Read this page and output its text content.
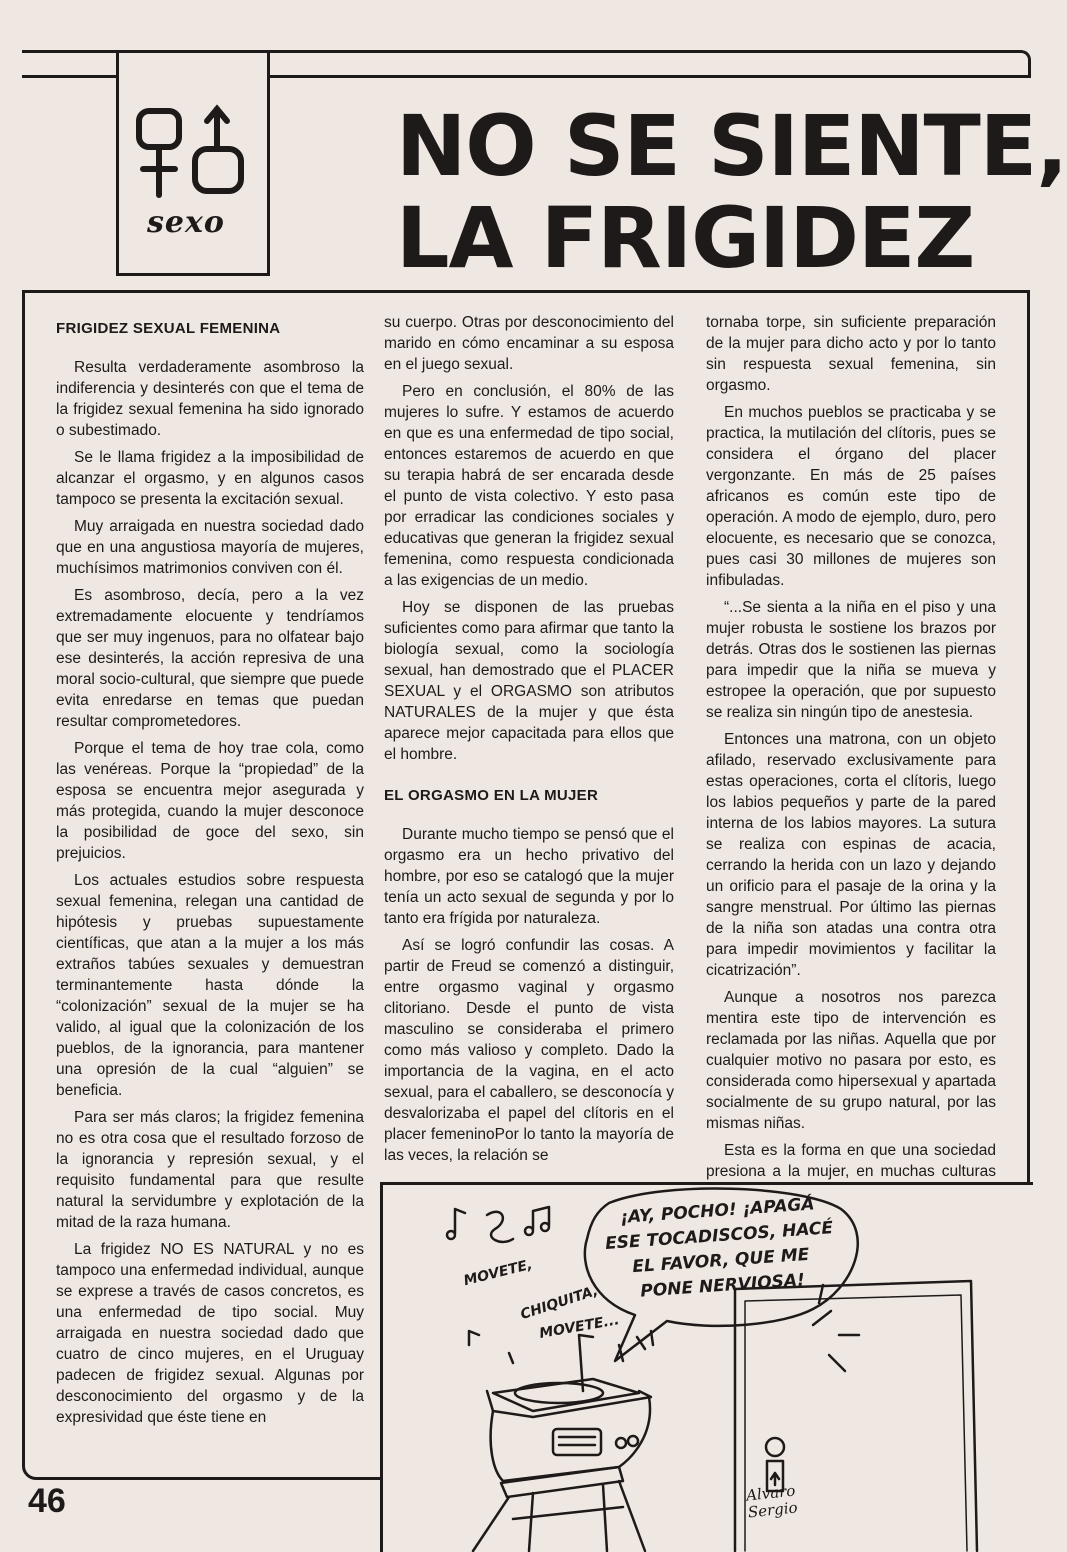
sexo
NO SE SIENTE,
LA FRIGIDEZ
FRIGIDEZ SEXUAL FEMENINA

Resulta verdaderamente asombroso la indiferencia y desinterés con que el tema de la frigidez sexual femenina ha sido ignorado o subestimado.

Se le llama frigidez a la imposibilidad de alcanzar el orgasmo, y en algunos casos tampoco se presenta la excitación sexual.

Muy arraigada en nuestra sociedad dado que en una angustiosa mayoría de mujeres, muchísimos matrimonios conviven con él.

Es asombroso, decía, pero a la vez extremadamente elocuente y tendríamos que ser muy ingenuos, para no olfatear bajo ese desinterés, la acción represiva de una moral socio-cultural, que siempre que puede evita enredarse en temas que puedan resultar comprometedores.

Porque el tema de hoy trae cola, como las venéreas. Porque la “propiedad” de la esposa se encuentra mejor asegurada y más protegida, cuando la mujer desconoce la posibilidad de goce del sexo, sin prejuicios.

Los actuales estudios sobre respuesta sexual femenina, relegan una cantidad de hipótesis y pruebas supuestamente científicas, que atan a la mujer a los más extraños tabúes sexuales y demuestran terminantemente hasta dónde la “colonización” sexual de la mujer se ha valido, al igual que la colonización de los pueblos, de la ignorancia, para mantener una opresión de la cual “alguien” se beneficia.

Para ser más claros; la frigidez femenina no es otra cosa que el resultado forzoso de la ignorancia y represión sexual, y el requisito fundamental para que resulte natural la servidumbre y explotación de la mitad de la raza humana.

La frigidez NO ES NATURAL y no es tampoco una enfermedad individual, aunque se exprese a través de casos concretos, es una enfermedad de tipo social. Muy arraigada en nuestra sociedad dado que cuatro de cinco mujeres, en el Uruguay padecen de frigidez sexual. Algunas por desconocimiento del orgasmo y de la expresividad que éste tiene en

su cuerpo. Otras por desconocimiento del marido en cómo encaminar a su esposa en el juego sexual.

Pero en conclusión, el 80% de las mujeres lo sufre. Y estamos de acuerdo en que es una enfermedad de tipo social, entonces estaremos de acuerdo en que su terapia habrá de ser encarada desde el punto de vista colectivo. Y esto pasa por erradicar las condiciones sociales y educativas que generan la frigidez sexual femenina, como respuesta condicionada a las exigencias de un medio.

Hoy se disponen de las pruebas suficientes como para afirmar que tanto la biología sexual, como la sociología sexual, han demostrado que el PLACER SEXUAL y el ORGASMO son atributos NATURALES de la mujer y que ésta aparece mejor capacitada para ellos que el hombre.

EL ORGASMO EN LA MUJER

Durante mucho tiempo se pensó que el orgasmo era un hecho privativo del hombre, por eso se catalogó que la mujer tenía un acto sexual de segunda y por lo tanto era frígida por naturaleza.

Así se logró confundir las cosas. A partir de Freud se comenzó a distinguir, entre orgasmo vaginal y orgasmo clitoriano. Desde el punto de vista masculino se consideraba el primero como más valioso y completo. Dado la importancia de la vagina, en el acto sexual, para el caballero, se desconocía y desvalorizaba el papel del clítoris en el placer femeninoPor lo tanto la mayoría de las veces, la relación se

tornaba torpe, sin suficiente preparación de la mujer para dicho acto y por lo tanto sin respuesta sexual femenina, sin orgasmo.

En muchos pueblos se practicaba y se practica, la mutilación del clítoris, pues se considera el órgano del placer vergonzante. En más de 25 países africanos es común este tipo de operación. A modo de ejemplo, duro, pero elocuente, es necesario que se conozca, pues casi 30 millones de mujeres son infibuladas.

“...Se sienta a la niña en el piso y una mujer robusta le sostiene los brazos por detrás. Otras dos le sostienen las piernas para impedir que la niña se mueva y estropee la operación, que por supuesto se realiza sin ningún tipo de anestesia.

Entonces una matrona, con un objeto afilado, reservado exclusivamente para estas operaciones, corta el clítoris, luego los labios pequeños y parte de la pared interna de los labios mayores. La sutura se realiza con espinas de acacia, cerrando la herida con un lazo y dejando un orificio para el pasaje de la orina y la sangre menstrual. Por último las piernas de la niña son atadas una contra otra para impedir movimientos y facilitar la cicatrización”.

Aunque a nosotros nos parezca mentira este tipo de intervención es reclamada por las niñas. Aquella que por cualquier motivo no pasara por esto, es considerada como hipersexual y apartada socialmente de su grupo natural, por las mismas niñas.

Esta es la forma en que una sociedad presiona a la mujer, en muchas culturas

¡AY, POCHO! ¡APAGÁ ESE TOCADISCOS, HACÉ EL FAVOR, QUE ME PONE NERVIOSA!
MOVETE,
CHIQUITA,
MOVETE...
Alvaro
Sergio
46
